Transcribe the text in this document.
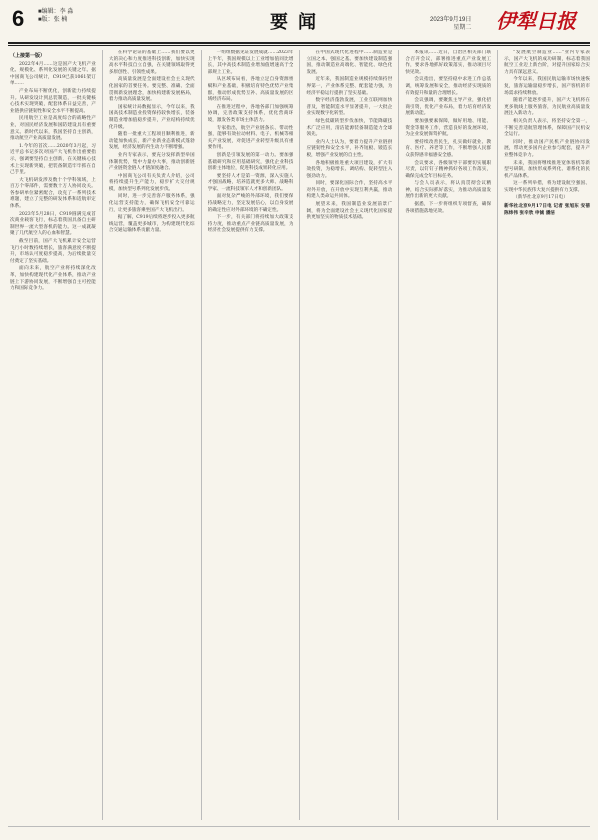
6 ■编辑：李 淼
■版：张 楠	要闻	2023年9月19日
星期二 伊犁日报

（上接第一版）

2022年4月……这是国产大飞机产业化、规模化、系列化发展的关键之年。据中国商飞公司统计，C919已获1061架订单……

产业布局不断优化，创新能力持续提升。从研发设计到总装制造，一批关键核心技术实现突破，配套体系日益完善，产业链供应链韧性和安全水平不断提高。

民用航空工业是高度综合的战略性产业，对国民经济发展和国防建设具有重要意义。新时代以来，我国坚持自主创新，推动航空产业高质量发展。

1.今年的首次……2020年3月起，习近平总书记多次对国产大飞机作出重要指示，强调要坚持自主创新，在关键核心技术上实现新突破，把装备制造牢牢抓在自己手里。

大飞机研发涉及数十个学科领域，上百万个零部件，需要数十万人协同攻关。各参研单位紧密配合，攻克了一系列技术难题，建立了完整的研发体系和适航审定体系。

2023年5月28日，C919圆满完成首次商业载客飞行，标志着我国具备自主研制世界一流大型客机的能力。这一成就凝聚了几代航空人的心血和智慧。

截至目前，国产大飞机累计安全运营飞行小时数持续增长，旅客满意度不断提升，市场认可度稳步提高，为后续批量交付奠定了坚实基础。

面向未来，航空产业将持续深化改革，加快构建现代化产业体系，推动产业链上下游协同发展，不断增强自主可控能力和国际竞争力。

在科学论证的基础上……我们要以更大的决心和力度推进科技创新，加快实现高水平科技自立自强，在关键领域取得更多原创性、引领性成果。

高质量发展是全面建设社会主义现代化国家的首要任务。要完整、准确、全面贯彻新发展理念，加快构建新发展格局，着力推动高质量发展。

国家统计局数据显示，今年以来，我国高技术制造业投资保持较快增长，装备制造业增加值稳步提升，产业结构持续优化升级。

随着一批重大工程项目顺利推进，新动能加快成长，新产业新业态新模式蓬勃发展，经济发展的内生动力不断增强。

业内专家表示，要充分发挥新型举国体制优势，集中力量办大事，推动创新链产业链资金链人才链深度融合。

中国商飞公司有关负责人介绍，公司将持续提升生产能力，稳步扩大交付规模，加快型号系列化发展步伐。

同时，进一步完善客户服务体系，强化运营支持能力，确保飞机安全可靠运行，让更多旅客乘坐国产大飞机出行。

据了解，C919后续将逐步投入更多航线运营，覆盖更多城市，为构建现代化综合交通运输体系贡献力量。

一组组数据见证发展成就……2023年上半年，我国规模以上工业增加值同比增长，其中高技术制造业增加值增速高于全部规上工业。

从区域布局看，各地立足自身资源禀赋和产业基础，积极培育特色优势产业集群，推动形成优势互补、高质量发展的区域经济布局。

在推进过程中，各地各部门加强统筹协调，完善政策支持体系，优化营商环境，激发各类市场主体活力。

专家指出，航空产业链条长、带动性强，能够有效拉动材料、电子、机械等相关产业发展，对促进产业转型升级具有重要作用。

创新是引领发展的第一动力。要加强基础研究和应用基础研究，强化企业科技创新主体地位，促进科技成果转化应用。

要坚持人才是第一资源，深入实施人才强国战略，培养造就更多大师、战略科学家、一流科技领军人才和创新团队。

面对复杂严峻的外部环境，我们要保持战略定力，坚定发展信心，以自身发展的确定性应对外部环境的不确定性。

下一步，有关部门将持续加大政策支持力度，推动重点产业链高质量发展，为经济社会发展提供有力支撑。

在中国式现代化进程中……制造业是立国之本、强国之基。要加快建设制造强国，推动制造业高端化、智能化、绿色化发展。

近年来，我国制造业规模持续保持世界第一，产业体系完整、配套能力强，为经济平稳运行提供了坚实基础。

数字经济蓬勃发展，工业互联网加快普及，智能制造水平显著提升，一大批企业实现数字化转型。

绿色低碳转型步伐加快，节能降碳技术广泛应用，清洁能源装备制造能力全球领先。

业内人士认为，要着力提升产业链供应链韧性和安全水平，补齐短板、锻造长板，增强产业发展的自主性。

各地积极推进重大项目建设，扩大有效投资，为稳增长、调结构、促转型注入强劲动力。

同时，要深化国际合作，坚持高水平对外开放，在开放中实现互利共赢，推动构建人类命运共同体。

展望未来，我国制造业发展前景广阔，将为全面建设社会主义现代化国家提供更加坚实的物质技术基础。

本报讯……近日，自治区相关部门联合召开会议，部署推进重点产业发展工作，要求各地抓好政策落实，推动项目尽快见效。

会议指出，要坚持稳中求进工作总基调，统筹发展和安全，推动经济实现质的有效提升和量的合理增长。

会议强调，要聚焦主导产业，强化招商引资，优化产业布局，着力培育经济发展新动能。

要加强要素保障，做好用地、用能、资金等服务工作，营造良好的发展环境，为企业发展保驾护航。

要持续改善民生，扎实做好就业、教育、医疗、养老等工作，不断增强人民群众获得感幸福感安全感。

会议要求，各级领导干部要切实履职尽责，以钉钉子精神抓好各项工作落实，确保完成全年目标任务。

与会人员表示，将认真贯彻会议精神，结合实际抓好落实，为推动高质量发展作出新的更大贡献。

据悉，下一步将组织专项督查，确保各项措施落地见效。

"发展航空制造业……"业内专家表示，国产大飞机的成功研制，标志着我国航空工业迈上新台阶，对提升国家综合实力具有深远意义。

今年以来，我国民航运输市场快速恢复，旅客运输量稳步增长，国产客机的市场需求持续释放。

随着产能逐步提升，国产大飞机将在更多航线上服务旅客，为民航业高质量发展注入新动力。

相关负责人表示，将坚持安全第一，不断完善适航管理体系，保障国产民机安全运行。

同时，推动国产民机产业链协同发展，带动更多国内企业参与配套，提升产业整体竞争力。

未来，我国将继续推进宽体客机等新型号研制，加快形成系列化、谱系化的民机产品体系。

这一系列举措，将为建设航空强国、实现中华民族伟大复兴提供有力支撑。

（新华社北京9月17日电）

新华社北京9月17日电 记者 张旭东 安蓓 陈炜伟 张辛欣 申铖 潘洁
